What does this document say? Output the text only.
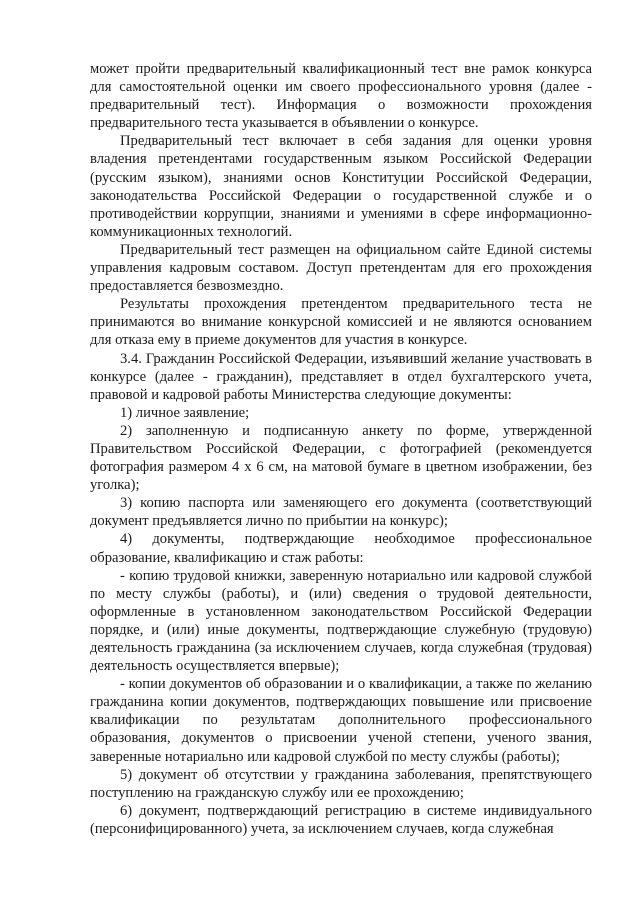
может пройти предварительный квалификационный тест вне рамок конкурса для самостоятельной оценки им своего профессионального уровня (далее - предварительный тест). Информация о возможности прохождения предварительного теста указывается в объявлении о конкурсе.

Предварительный тест включает в себя задания для оценки уровня владения претендентами государственным языком Российской Федерации (русским языком), знаниями основ Конституции Российской Федерации, законодательства Российской Федерации о государственной службе и о противодействии коррупции, знаниями и умениями в сфере информационно-коммуникационных технологий.

Предварительный тест размещен на официальном сайте Единой системы управления кадровым составом. Доступ претендентам для его прохождения предоставляется безвозмездно.

Результаты прохождения претендентом предварительного теста не принимаются во внимание конкурсной комиссией и не являются основанием для отказа ему в приеме документов для участия в конкурсе.

3.4. Гражданин Российской Федерации, изъявивший желание участвовать в конкурсе (далее - гражданин), представляет в отдел бухгалтерского учета, правовой и кадровой работы Министерства следующие документы:

1) личное заявление;

2) заполненную и подписанную анкету по форме, утвержденной Правительством Российской Федерации, с фотографией (рекомендуется фотография размером 4 х 6 см, на матовой бумаге в цветном изображении, без уголка);

3) копию паспорта или заменяющего его документа (соответствующий документ предъявляется лично по прибытии на конкурс);

4) документы, подтверждающие необходимое профессиональное образование, квалификацию и стаж работы:

- копию трудовой книжки, заверенную нотариально или кадровой службой по месту службы (работы), и (или) сведения о трудовой деятельности, оформленные в установленном законодательством Российской Федерации порядке, и (или) иные документы, подтверждающие служебную (трудовую) деятельность гражданина (за исключением случаев, когда служебная (трудовая) деятельность осуществляется впервые);

- копии документов об образовании и о квалификации, а также по желанию гражданина копии документов, подтверждающих повышение или присвоение квалификации по результатам дополнительного профессионального образования, документов о присвоении ученой степени, ученого звания, заверенные нотариально или кадровой службой по месту службы (работы);

5) документ об отсутствии у гражданина заболевания, препятствующего поступлению на гражданскую службу или ее прохождению;

6) документ, подтверждающий регистрацию в системе индивидуального (персонифицированного) учета, за исключением случаев, когда служебная
